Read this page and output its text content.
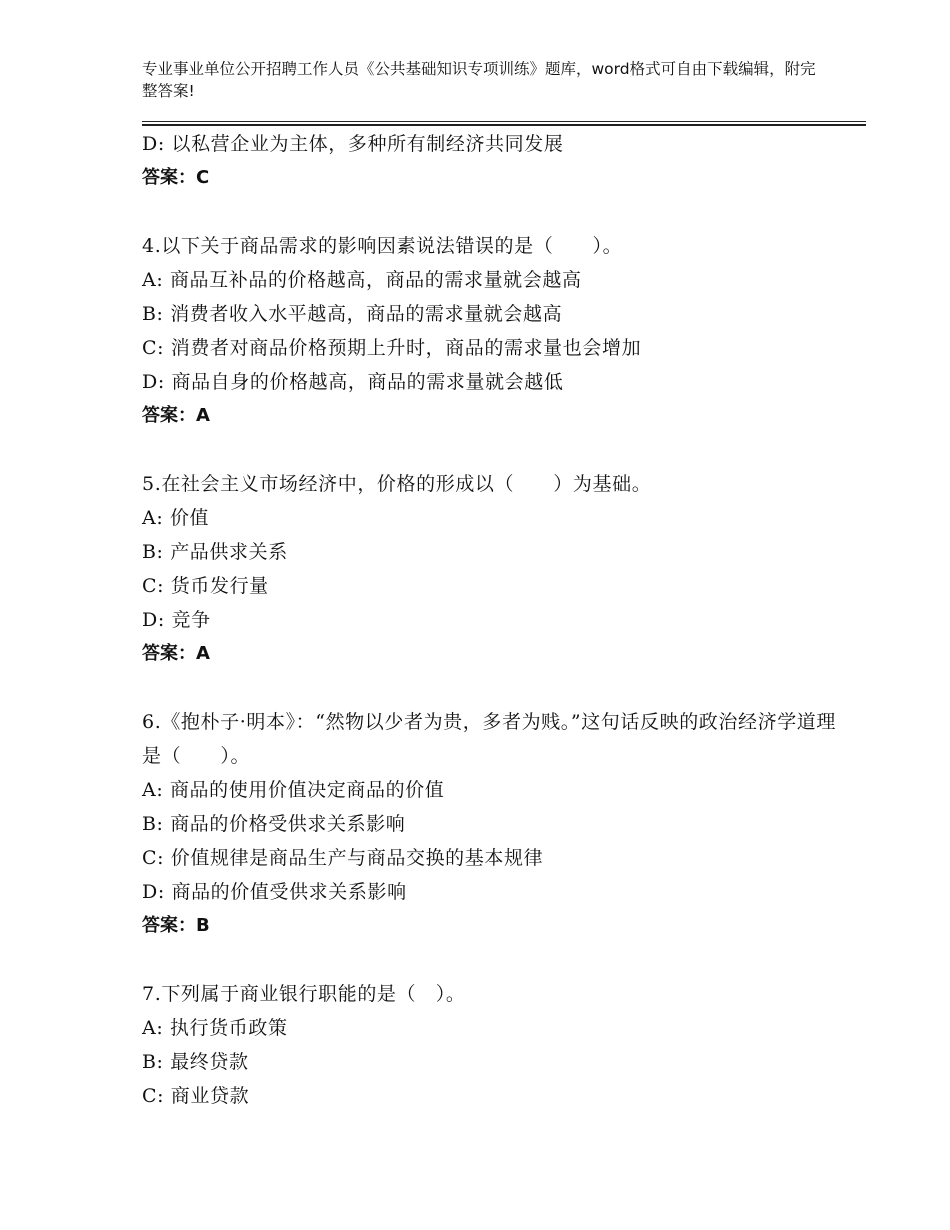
专业事业单位公开招聘工作人员《公共基础知识专项训练》题库，word格式可自由下载编辑，附完整答案!
D: 以私营企业为主体，多种所有制经济共同发展
答案：C
4.以下关于商品需求的影响因素说法错误的是（　　）。
A: 商品互补品的价格越高，商品的需求量就会越高
B: 消费者收入水平越高，商品的需求量就会越高
C: 消费者对商品价格预期上升时，商品的需求量也会增加
D: 商品自身的价格越高，商品的需求量就会越低
答案：A
5.在社会主义市场经济中，价格的形成以（　　）为基础。
A: 价值
B: 产品供求关系
C: 货币发行量
D: 竞争
答案：A
6.《抱朴子·明本》：“然物以少者为贵，多者为贱。”这句话反映的政治经济学道理是（　　）。
A: 商品的使用价值决定商品的价值
B: 商品的价格受供求关系影响
C: 价值规律是商品生产与商品交换的基本规律
D: 商品的价值受供求关系影响
答案：B
7.下列属于商业银行职能的是（　）。
A: 执行货币政策
B: 最终贷款
C: 商业贷款
